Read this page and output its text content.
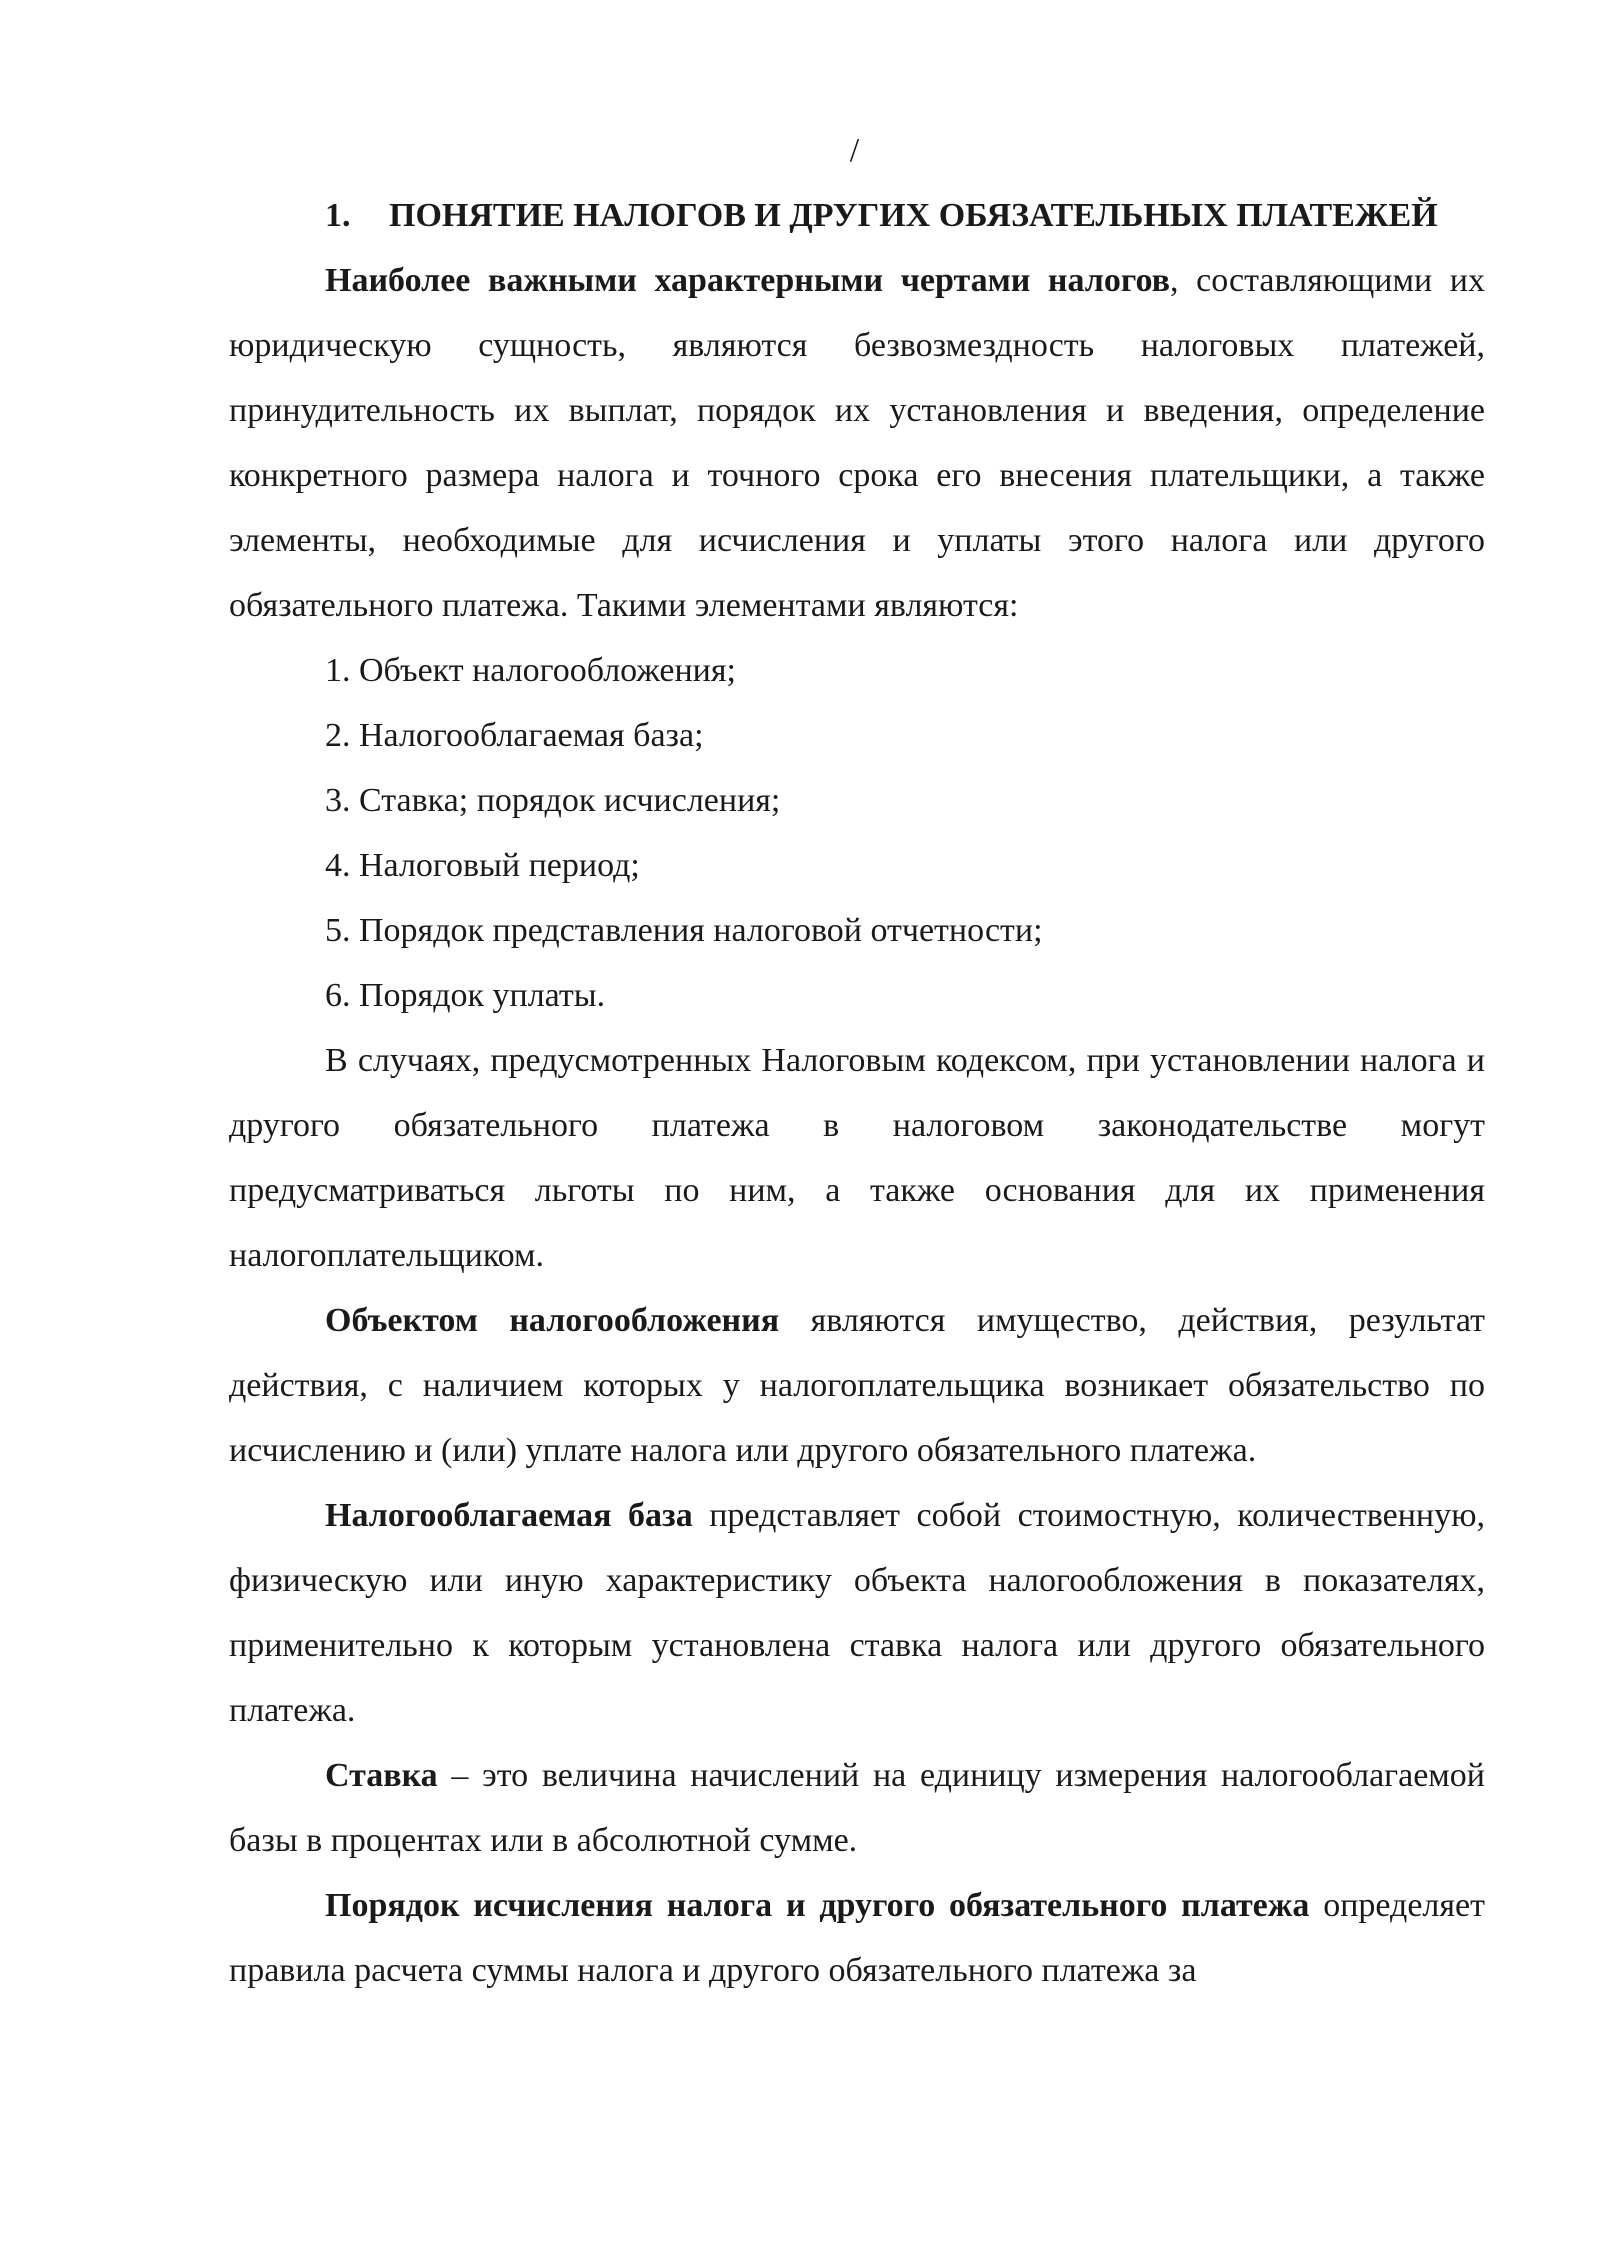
/

1. ПОНЯТИЕ НАЛОГОВ И ДРУГИХ ОБЯЗАТЕЛЬНЫХ ПЛАТЕЖЕЙ

Наиболее важными характерными чертами налогов, составляющими их юридическую сущность, являются безвозмездность налоговых платежей, принудительность их выплат, порядок их установления и введения, определение конкретного размера налога и точного срока его внесения плательщики, а также элементы, необходимые для исчисления и уплаты этого налога или другого обязательного платежа. Такими элементами являются:

1. Объект налогообложения;

2. Налогооблагаемая база;

3. Ставка; порядок исчисления;

4. Налоговый период;

5. Порядок представления налоговой отчетности;

6. Порядок уплаты.

В случаях, предусмотренных Налоговым кодексом, при установлении налога и другого обязательного платежа в налоговом законодательстве могут предусматриваться льготы по ним, а также основания для их применения налогоплательщиком.

Объектом налогообложения являются имущество, действия, результат действия, с наличием которых у налогоплательщика возникает обязательство по исчислению и (или) уплате налога или другого обязательного платежа.

Налогооблагаемая база представляет собой стоимостную, количественную, физическую или иную характеристику объекта налогообложения в показателях, применительно к которым установлена ставка налога или другого обязательного платежа.

Ставка – это величина начислений на единицу измерения налогооблагаемой базы в процентах или в абсолютной сумме.

Порядок исчисления налога и другого обязательного платежа определяет правила расчета суммы налога и другого обязательного платежа за
